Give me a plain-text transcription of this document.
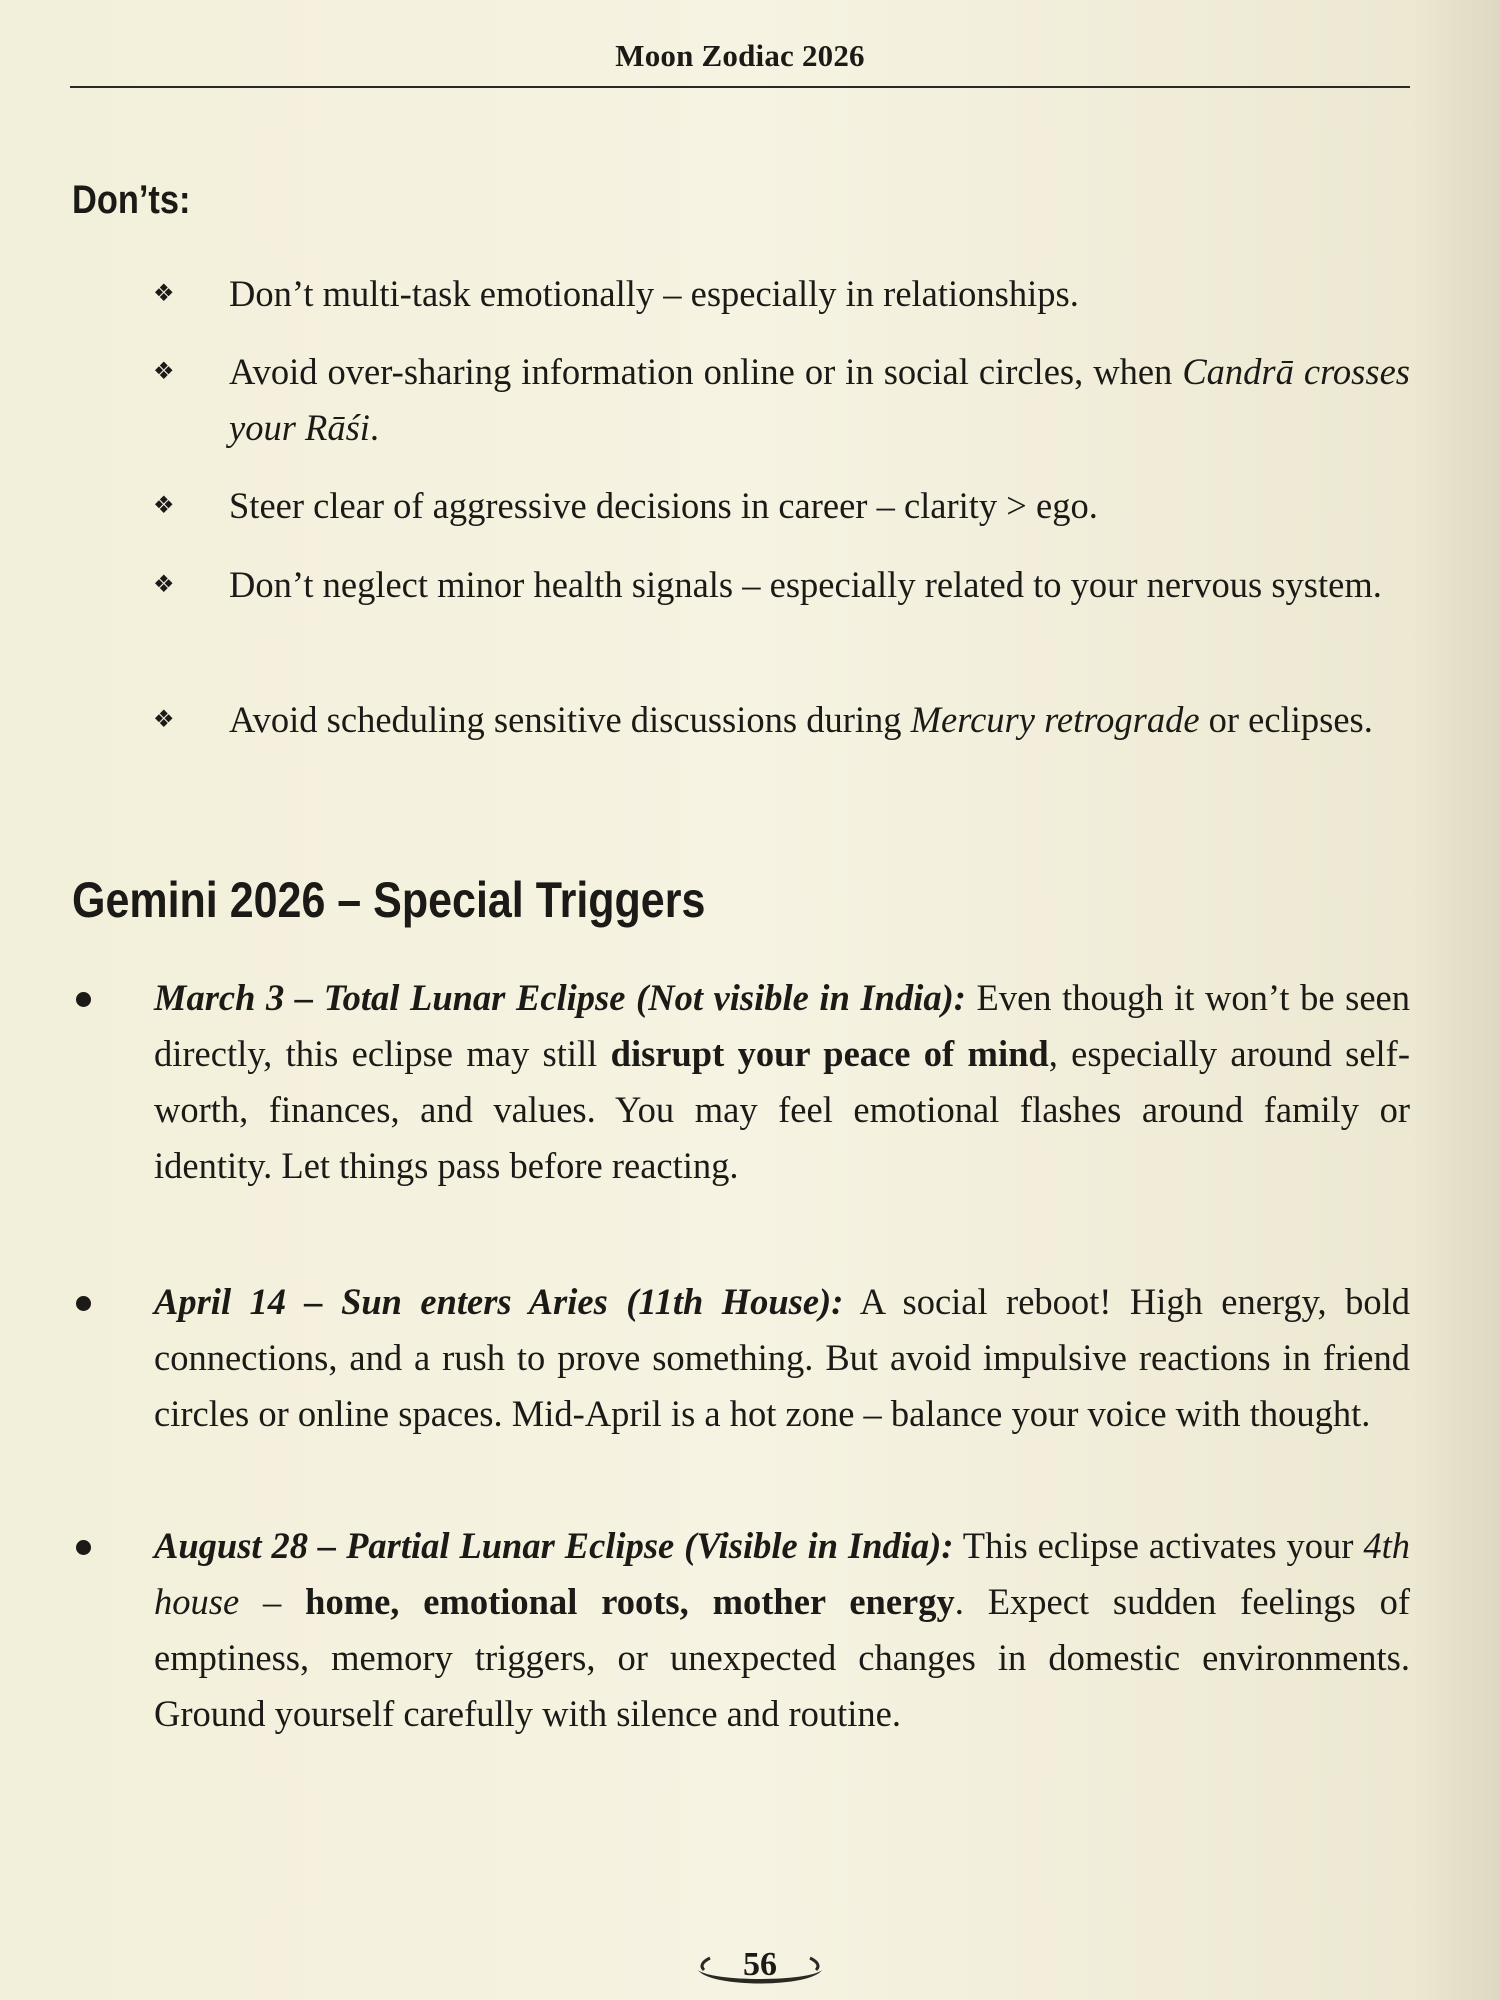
Moon Zodiac 2026
Don’ts:
❖ Don’t multi-task emotionally – especially in relationships.
❖ Avoid over-sharing information online or in social circles, when Candrā crosses your Rāśi.
❖ Steer clear of aggressive decisions in career – clarity > ego.
❖ Don’t neglect minor health signals – especially related to your nervous system.
❖ Avoid scheduling sensitive discussions during Mercury retrograde or eclipses.
Gemini 2026 – Special Triggers
March 3 – Total Lunar Eclipse (Not visible in India): Even though it won’t be seen directly, this eclipse may still disrupt your peace of mind, especially around self-worth, finances, and values. You may feel emotional flashes around family or identity. Let things pass before reacting.
April 14 – Sun enters Aries (11th House): A social reboot! High energy, bold connections, and a rush to prove something. But avoid impulsive reactions in friend circles or online spaces. Mid-April is a hot zone – balance your voice with thought.
August 28 – Partial Lunar Eclipse (Visible in India): This eclipse activates your 4th house – home, emotional roots, mother energy. Expect sudden feelings of emptiness, memory triggers, or unexpected changes in domestic environments. Ground yourself carefully with silence and routine.
56
